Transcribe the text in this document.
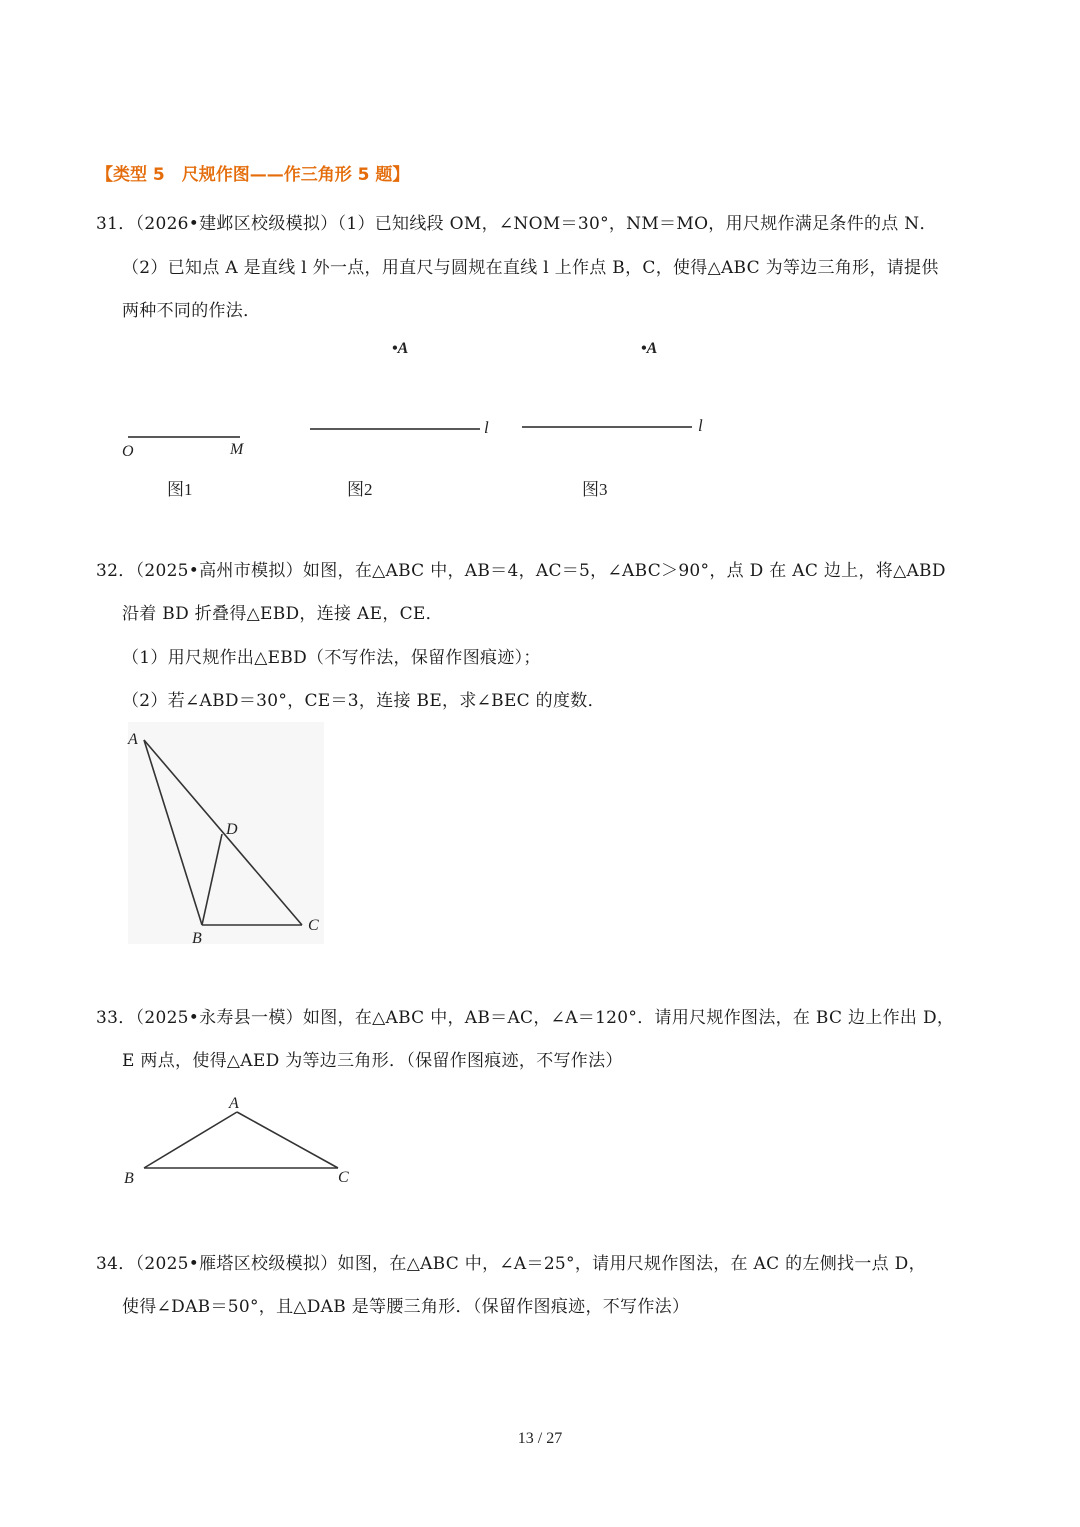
【类型 5　尺规作图——作三角形 5 题】
31．（2026•建邺区校级模拟）（1）已知线段 OM，∠NOM＝30°，NM＝MO，用尺规作满足条件的点 N．
（2）已知点 A 是直线 l 外一点，用直尺与圆规在直线 l 上作点 B，C，使得△ABC 为等边三角形，请提供
两种不同的作法．
O	M
•A
l
•A
l
图1	图2	图3
32．（2025•高州市模拟）如图，在△ABC 中，AB＝4，AC＝5，∠ABC＞90°，点 D 在 AC 边上，将△ABD
沿着 BD 折叠得△EBD，连接 AE，CE．
（1）用尺规作出△EBD（不写作法，保留作图痕迹）；
（2）若∠ABD＝30°，CE＝3，连接 BE，求∠BEC 的度数．
A
D
B
C
33．（2025•永寿县一模）如图，在△ABC 中，AB＝AC，∠A＝120°．请用尺规作图法，在 BC 边上作出 D，
E 两点，使得△AED 为等边三角形．（保留作图痕迹，不写作法）
A
B	C
34．（2025•雁塔区校级模拟）如图，在△ABC 中，∠A＝25°，请用尺规作图法，在 AC 的左侧找一点 D，
使得∠DAB＝50°，且△DAB 是等腰三角形．（保留作图痕迹，不写作法）
13 / 27
